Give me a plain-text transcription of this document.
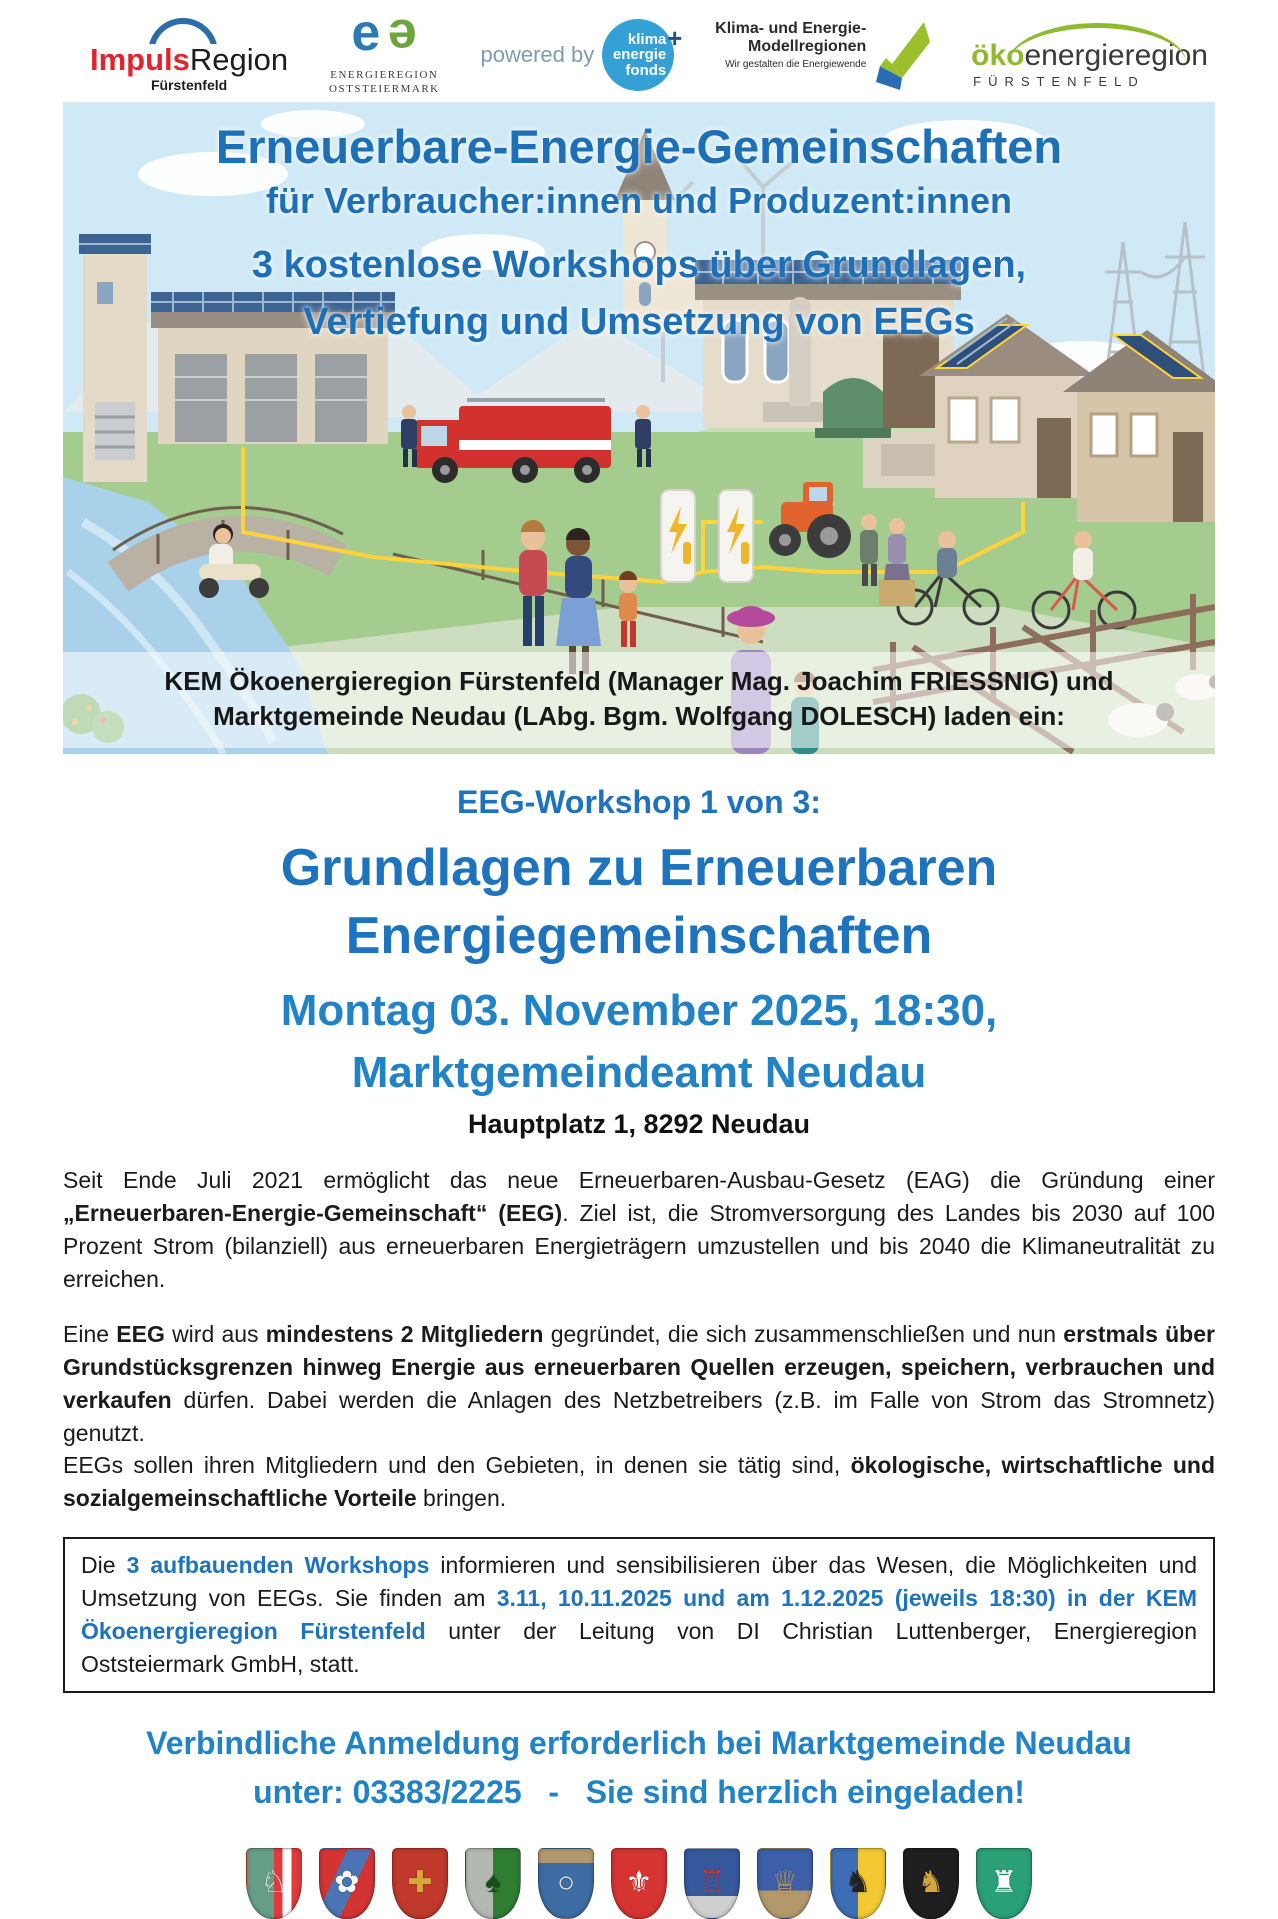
ImpulsRegion
Fürstenfeld
e e
ENERGIEREGION
OSTSTEIERMARK
powered by
klima
energie
fonds
+ Klima- und Energie-
Modellregionen
Wir gestalten die Energiewende	ökoenergieregion
FÜRSTENFELD
Erneuerbare-Energie-Gemeinschaften
für Verbraucher:innen und Produzent:innen
3 kostenlose Workshops über Grundlagen,
Vertiefung und Umsetzung von EEGs
KEM Ökoenergieregion Fürstenfeld (Manager Mag. Joachim FRIESSNIG) und
Marktgemeinde Neudau (LAbg. Bgm. Wolfgang DOLESCH) laden ein:
EEG-Workshop 1 von 3:
Grundlagen zu Erneuerbaren
Energiegemeinschaften
Montag 03. November 2025, 18:30,
Marktgemeindeamt Neudau
Hauptplatz 1, 8292 Neudau

Seit Ende Juli 2021 ermöglicht das neue Erneuerbaren-Ausbau-Gesetz (EAG) die Gründung einer „Erneuerbaren-Energie-Gemeinschaft“ (EEG). Ziel ist, die Stromversorgung des Landes bis 2030 auf 100 Prozent Strom (bilanziell) aus erneuerbaren Energieträgern umzustellen und bis 2040 die Klimaneutralität zu erreichen.

Eine EEG wird aus mindestens 2 Mitgliedern gegründet, die sich zusammenschließen und nun erstmals über Grundstücksgrenzen hinweg Energie aus erneuerbaren Quellen erzeugen, speichern, verbrauchen und verkaufen dürfen. Dabei werden die Anlagen des Netzbetreibers (z.B. im Falle von Strom das Stromnetz) genutzt.
EEGs sollen ihren Mitgliedern und den Gebieten, in denen sie tätig sind, ökologische, wirtschaftliche und sozialgemeinschaftliche Vorteile bringen.

Die 3 aufbauenden Workshops informieren und sensibilisieren über das Wesen, die Möglichkeiten und Umsetzung von EEGs. Sie finden am 3.11, 10.11.2025 und am 1.12.2025 (jeweils 18:30) in der KEM Ökoenergieregion Fürstenfeld unter der Leitung von DI Christian Luttenberger, Energieregion Oststeiermark GmbH, statt.
Verbindliche Anmeldung erforderlich bei Marktgemeinde Neudau
unter: 03383/2225   -   Sie sind herzlich eingeladen!
♘ ✿ ✚ ♠ ○ ⚜ ♖ ♕ ♞ ♞ ♜
